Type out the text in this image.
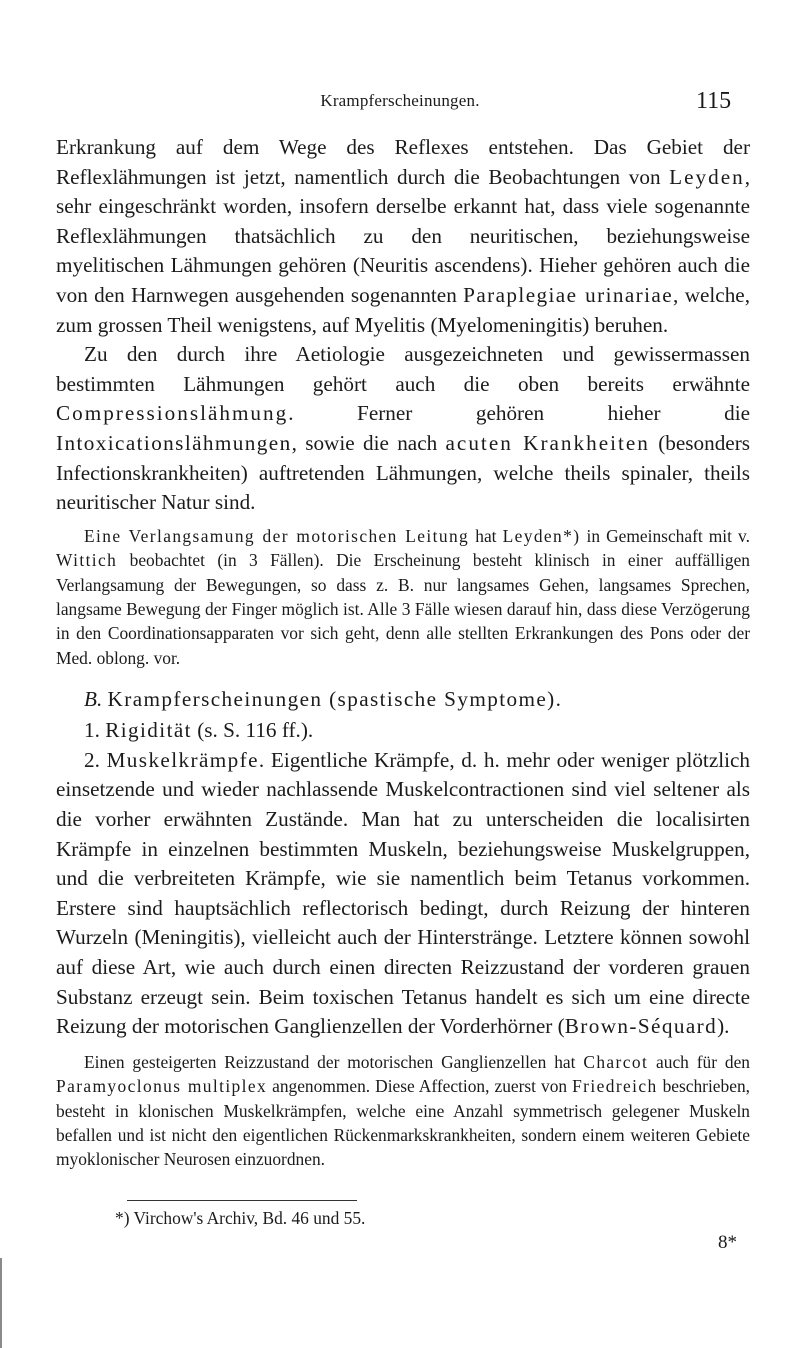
Krampferscheinungen.	115

Erkrankung auf dem Wege des Reflexes entstehen. Das Gebiet der Reflexlähmungen ist jetzt, namentlich durch die Beobachtungen von Leyden, sehr eingeschränkt worden, insofern derselbe erkannt hat, dass viele sogenannte Reflexlähmungen thatsächlich zu den neuritischen, beziehungsweise myelitischen Lähmungen gehören (Neuritis ascendens). Hieher gehören auch die von den Harnwegen ausgehenden sogenannten Paraplegiae urinariae, welche, zum grossen Theil wenigstens, auf Myelitis (Myelomeningitis) beruhen.

Zu den durch ihre Aetiologie ausgezeichneten und gewissermassen bestimmten Lähmungen gehört auch die oben bereits erwähnte Compressionslähmung. Ferner gehören hieher die Intoxicationslähmungen, sowie die nach acuten Krankheiten (besonders Infectionskrankheiten) auftretenden Lähmungen, welche theils spinaler, theils neuritischer Natur sind.

Eine Verlangsamung der motorischen Leitung hat Leyden*) in Gemeinschaft mit v. Wittich beobachtet (in 3 Fällen). Die Erscheinung besteht klinisch in einer auffälligen Verlangsamung der Bewegungen, so dass z. B. nur langsames Gehen, langsames Sprechen, langsame Bewegung der Finger möglich ist. Alle 3 Fälle wiesen darauf hin, dass diese Verzögerung in den Coordinationsapparaten vor sich geht, denn alle stellten Erkrankungen des Pons oder der Med. oblong. vor.

B. Krampferscheinungen (spastische Symptome).

1. Rigidität (s. S. 116 ff.).

2. Muskelkrämpfe. Eigentliche Krämpfe, d. h. mehr oder weniger plötzlich einsetzende und wieder nachlassende Muskelcontractionen sind viel seltener als die vorher erwähnten Zustände. Man hat zu unterscheiden die localisirten Krämpfe in einzelnen bestimmten Muskeln, beziehungsweise Muskelgruppen, und die verbreiteten Krämpfe, wie sie namentlich beim Tetanus vorkommen. Erstere sind hauptsächlich reflectorisch bedingt, durch Reizung der hinteren Wurzeln (Meningitis), vielleicht auch der Hinterstränge. Letztere können sowohl auf diese Art, wie auch durch einen directen Reizzustand der vorderen grauen Substanz erzeugt sein. Beim toxischen Tetanus handelt es sich um eine directe Reizung der motorischen Ganglienzellen der Vorderhörner (Brown-Séquard).

Einen gesteigerten Reizzustand der motorischen Ganglienzellen hat Charcot auch für den Paramyoclonus multiplex angenommen. Diese Affection, zuerst von Friedreich beschrieben, besteht in klonischen Muskelkrämpfen, welche eine Anzahl symmetrisch gelegener Muskeln befallen und ist nicht den eigentlichen Rückenmarkskrankheiten, sondern einem weiteren Gebiete myoklonischer Neurosen einzuordnen.

*) Virchow's Archiv, Bd. 46 und 55.
8*
